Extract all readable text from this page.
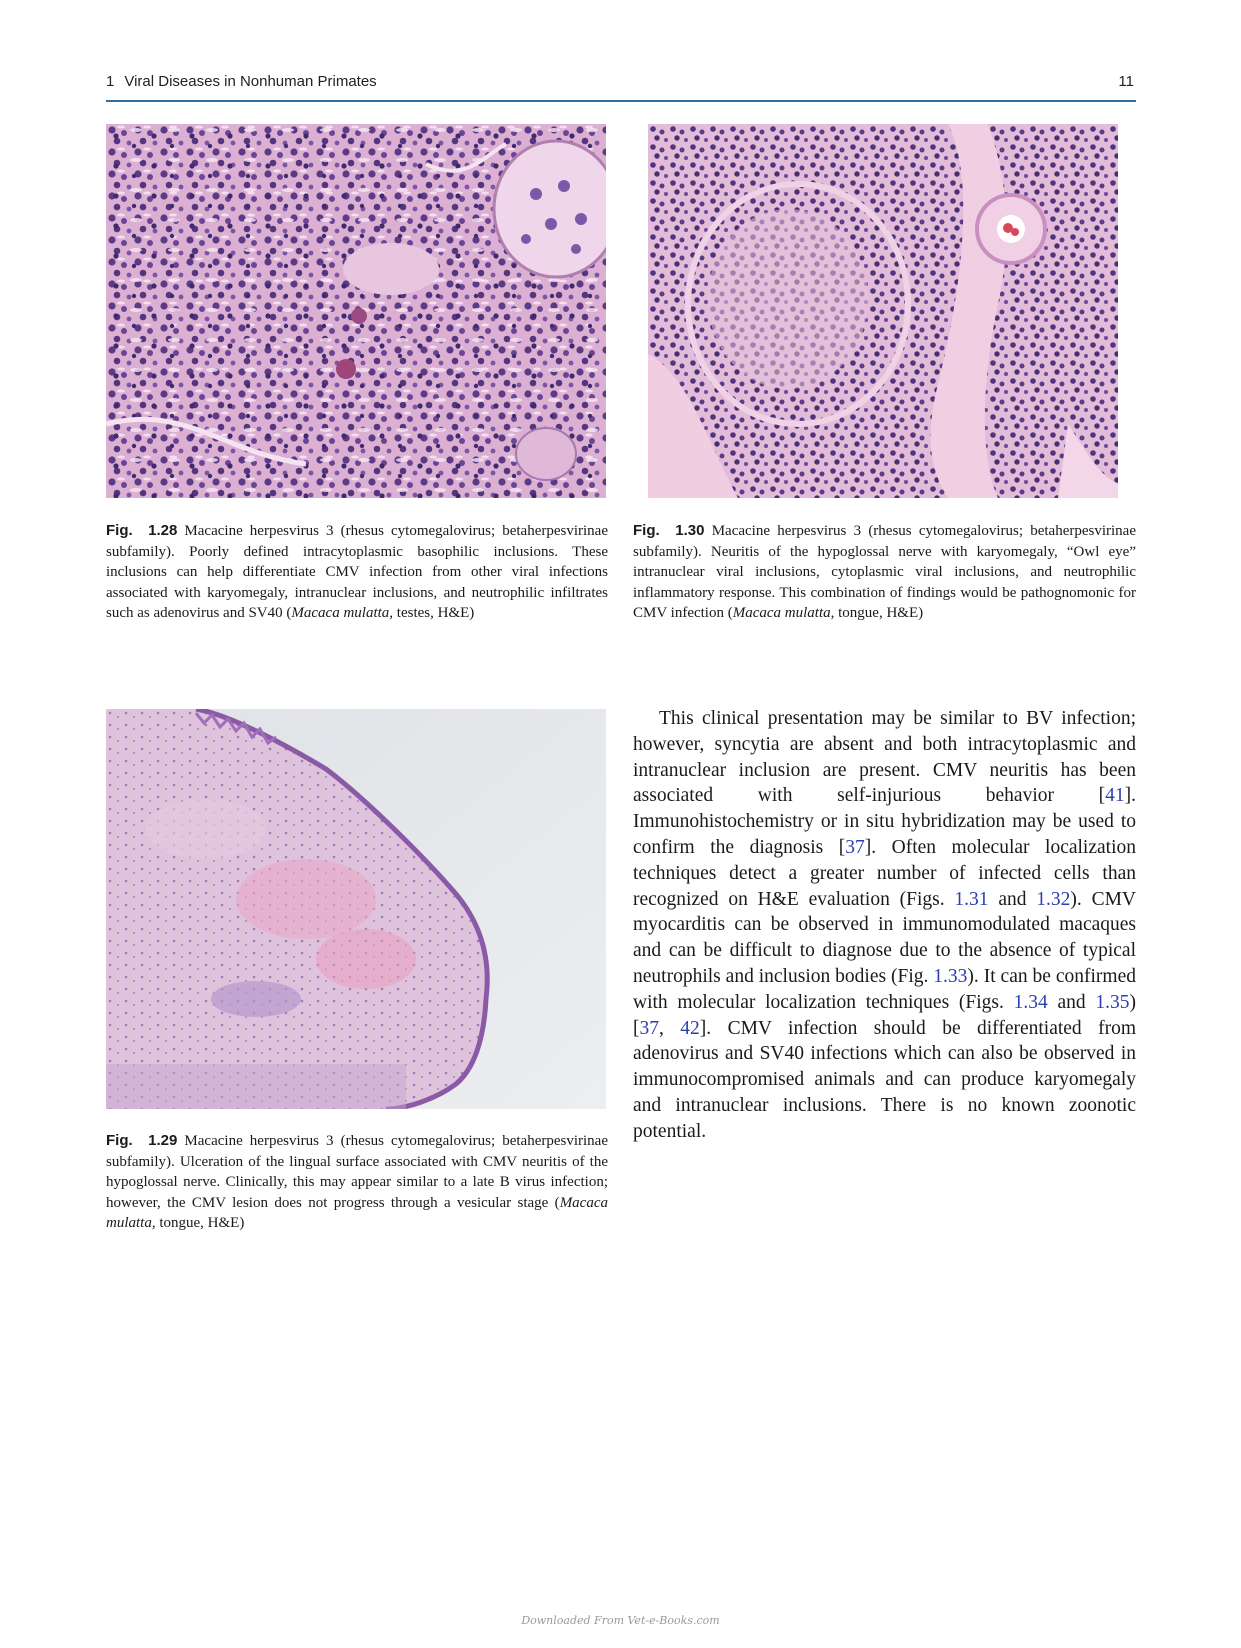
1 Viral Diseases in Nonhuman Primates	11
Fig. 1.28 Macacine herpesvirus 3 (rhesus cytomegalovirus; betaherpesvirinae subfamily). Poorly defined intracytoplasmic basophilic inclusions. These inclusions can help differentiate CMV infection from other viral infections associated with karyomegaly, intranuclear inclusions, and neutrophilic infiltrates such as adenovirus and SV40 (Macaca mulatta, testes, H&E)
Fig. 1.30 Macacine herpesvirus 3 (rhesus cytomegalovirus; betaherpesvirinae subfamily). Neuritis of the hypoglossal nerve with karyomegaly, “Owl eye” intranuclear viral inclusions, cytoplasmic viral inclusions, and neutrophilic inflammatory response. This combination of findings would be pathognomonic for CMV infection (Macaca mulatta, tongue, H&E)
Fig. 1.29 Macacine herpesvirus 3 (rhesus cytomegalovirus; betaherpesvirinae subfamily). Ulceration of the lingual surface associated with CMV neuritis of the hypoglossal nerve. Clinically, this may appear similar to a late B virus infection; however, the CMV lesion does not progress through a vesicular stage (Macaca mulatta, tongue, H&E)

This clinical presentation may be similar to BV infection; however, syncytia are absent and both intracytoplasmic and intranuclear inclusion are present. CMV neuritis has been associated with self-injurious behavior [41]. Immunohistochemistry or in situ hybridization may be used to confirm the diagnosis [37]. Often molecular localization techniques detect a greater number of infected cells than recognized on H&E evaluation (Figs. 1.31 and 1.32). CMV myocarditis can be observed in immunomodulated macaques and can be difficult to diagnose due to the absence of typical neutrophils and inclusion bodies (Fig. 1.33). It can be confirmed with molecular localization techniques (Figs. 1.34 and 1.35) [37, 42]. CMV infection should be differentiated from adenovirus and SV40 infections which can also be observed in immunocompromised animals and can produce karyomegaly and intranuclear inclusions. There is no known zoonotic potential.

Downloaded From Vet-e-Books.com
